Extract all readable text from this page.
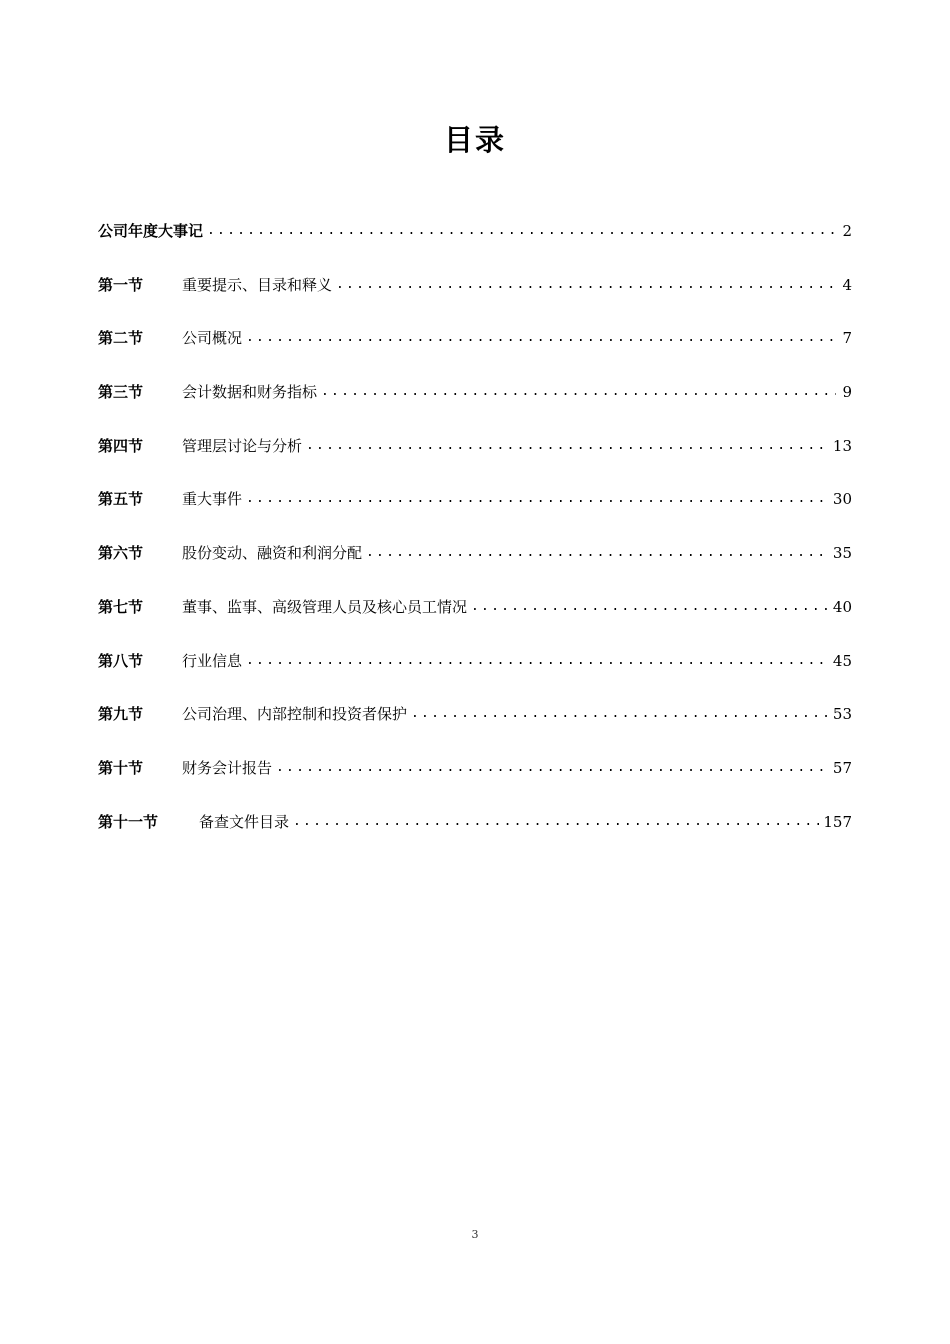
目录
公司年度大事记 .....	2
第一节	重要提示、目录和释义 .....	4
第二节	公司概况 .....	7
第三节	会计数据和财务指标 .....	9
第四节	管理层讨论与分析 .....	13
第五节	重大事件 .....	30
第六节	股份变动、融资和利润分配 .....	35
第七节	董事、监事、高级管理人员及核心员工情况 .....	40
第八节	行业信息 .....	45
第九节	公司治理、内部控制和投资者保护 .....	53
第十节	财务会计报告 .....	57
第十一节	备查文件目录 .....	157
3
